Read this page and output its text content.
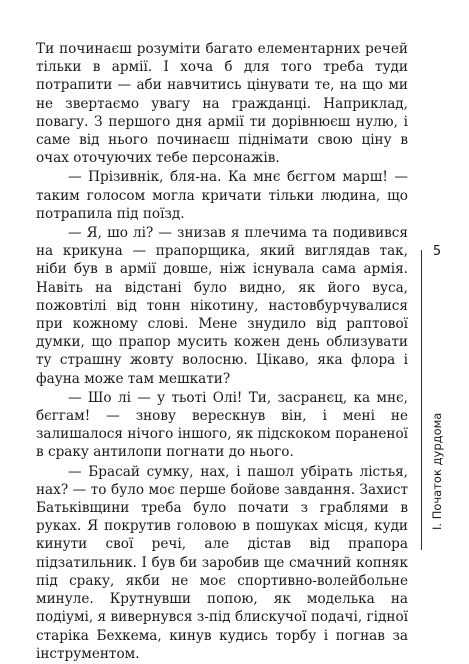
Ти починаєш розуміти багато елементарних речей тільки в армії. І хоча б для того треба туди потрапити — аби навчитись цінувати те, на що ми не звертаємо увагу на гражданці. Наприклад, повагу. З першого дня армії ти дорівнюєш нулю, і саме від нього починаєш піднімати свою ціну в очах оточуючих тебе персонажів.

— Прізивнік, бля-на. Ка мнє бєггом марш! — таким голосом могла кричати тільки людина, що потрапила під поїзд.

— Я, шо лі? — знизав я плечима та подивився на крикуна — прапорщика, який виглядав так, ніби був в армії довше, ніж існувала сама армія. Навіть на відстані було видно, як його вуса, пожовтілі від тонн нікотину, настовбурчувалися при кожному слові. Мене знудило від раптової думки, що прапор мусить кожен день облизувати ту страшну жовту волосню. Цікаво, яка флора і фауна може там мешкати?

— Шо лі — у тьоті Олі! Ти, засранєц, ка мнє, бєггам! — знову верескнув він, і мені не залишалося нічого іншого, як підскоком пораненої в сраку антилопи погнати до нього.

— Брасай сумку, нах, і пашол убірать лістья, нах? — то було моє перше бойове завдання. Захист Батьківщини треба було почати з граблями в руках. Я покрутив головою в пошуках місця, куди кинути свої речі, але дістав від прапора підзатильник. І був би заробив ще смачний копняк під сраку, якби не моє спортивно-волейбольне минуле. Крутнувши попою, як моделька на подіумі, я вивернувся з-під блискучої подачі, гідної старіка Бехкема, кинув кудись торбу і погнав за інструментом.

5
І. Початок дурдома
